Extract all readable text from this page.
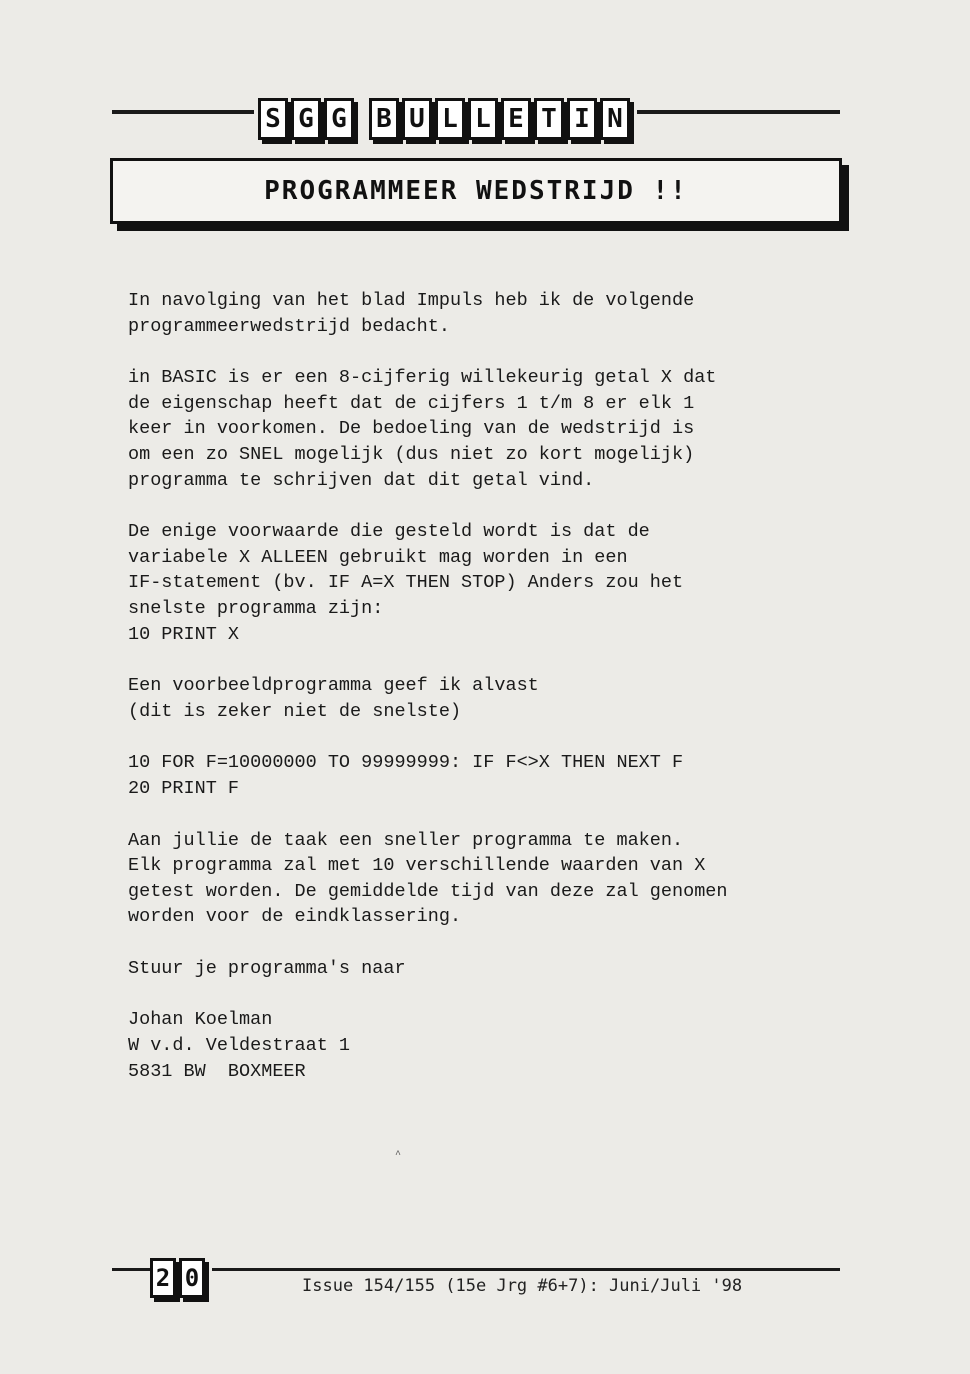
S G G B U L L E T I N
PROGRAMMEER WEDSTRIJD !!

In navolging van het blad Impuls heb ik de volgende
programmeerwedstrijd bedacht.

in BASIC is er een 8-cijferig willekeurig getal X dat
de eigenschap heeft dat de cijfers 1 t/m 8 er elk 1
keer in voorkomen. De bedoeling van de wedstrijd is
om een zo SNEL mogelijk (dus niet zo kort mogelijk)
programma te schrijven dat dit getal vind.

De enige voorwaarde die gesteld wordt is dat de
variabele X ALLEEN gebruikt mag worden in een
IF-statement (bv. IF A=X THEN STOP) Anders zou het
snelste programma zijn:
10 PRINT X

Een voorbeeldprogramma geef ik alvast
(dit is zeker niet de snelste)

10 FOR F=10000000 TO 99999999: IF F<>X THEN NEXT F
20 PRINT F

Aan jullie de taak een sneller programma te maken.
Elk programma zal met 10 verschillende waarden van X
getest worden. De gemiddelde tijd van deze zal genomen
worden voor de eindklassering.

Stuur je programma's naar

Johan Koelman
W v.d. Veldestraat 1
5831 BW  BOXMEER

^
2 0	Issue 154/155 (15e Jrg #6+7): Juni/Juli '98
